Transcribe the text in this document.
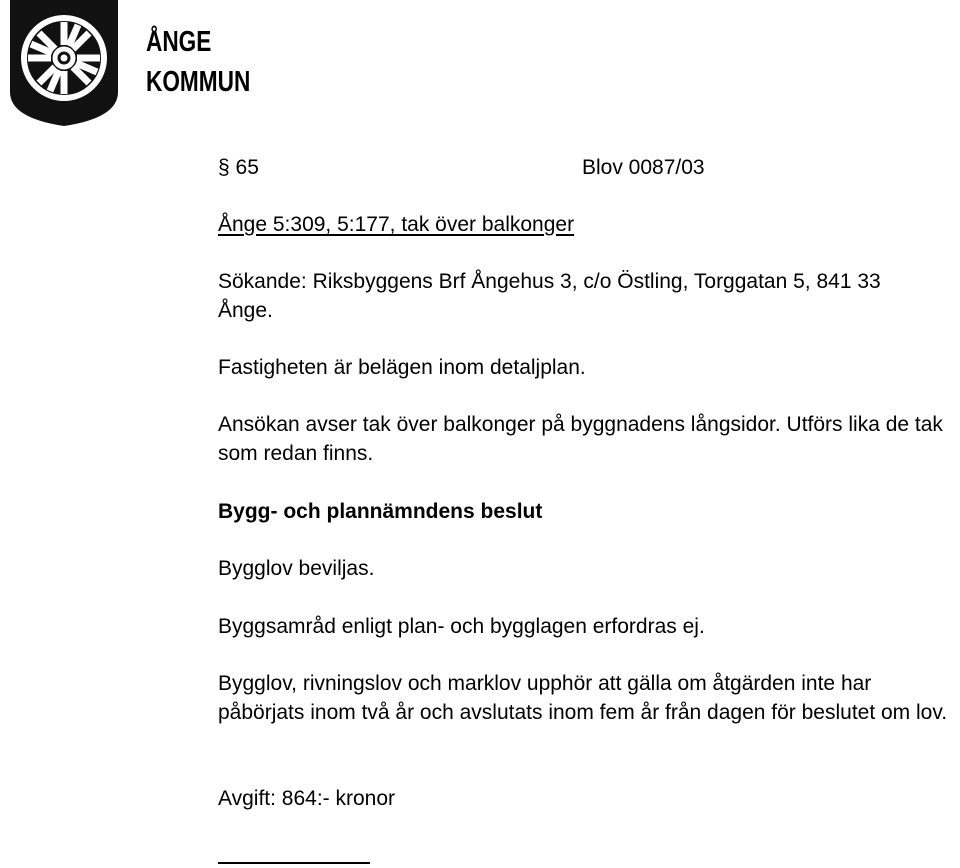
ÅNGE
KOMMUN
§ 65	Blov 0087/03
Ånge 5:309, 5:177, tak över balkonger
Sökande: Riksbyggens Brf Ångehus 3, c/o Östling, Torggatan 5, 841 33 Ånge.
Fastigheten är belägen inom detaljplan.
Ansökan avser tak över balkonger på byggnadens långsidor. Utförs lika de tak som redan finns.
Bygg- och plannämndens beslut
Bygglov beviljas.
Byggsamråd enligt plan- och bygglagen erfordras ej.
Bygglov, rivningslov och marklov upphör att gälla om åtgärden inte har påbörjats inom två år och avslutats inom fem år från dagen för beslutet om lov.
Avgift: 864:- kronor
